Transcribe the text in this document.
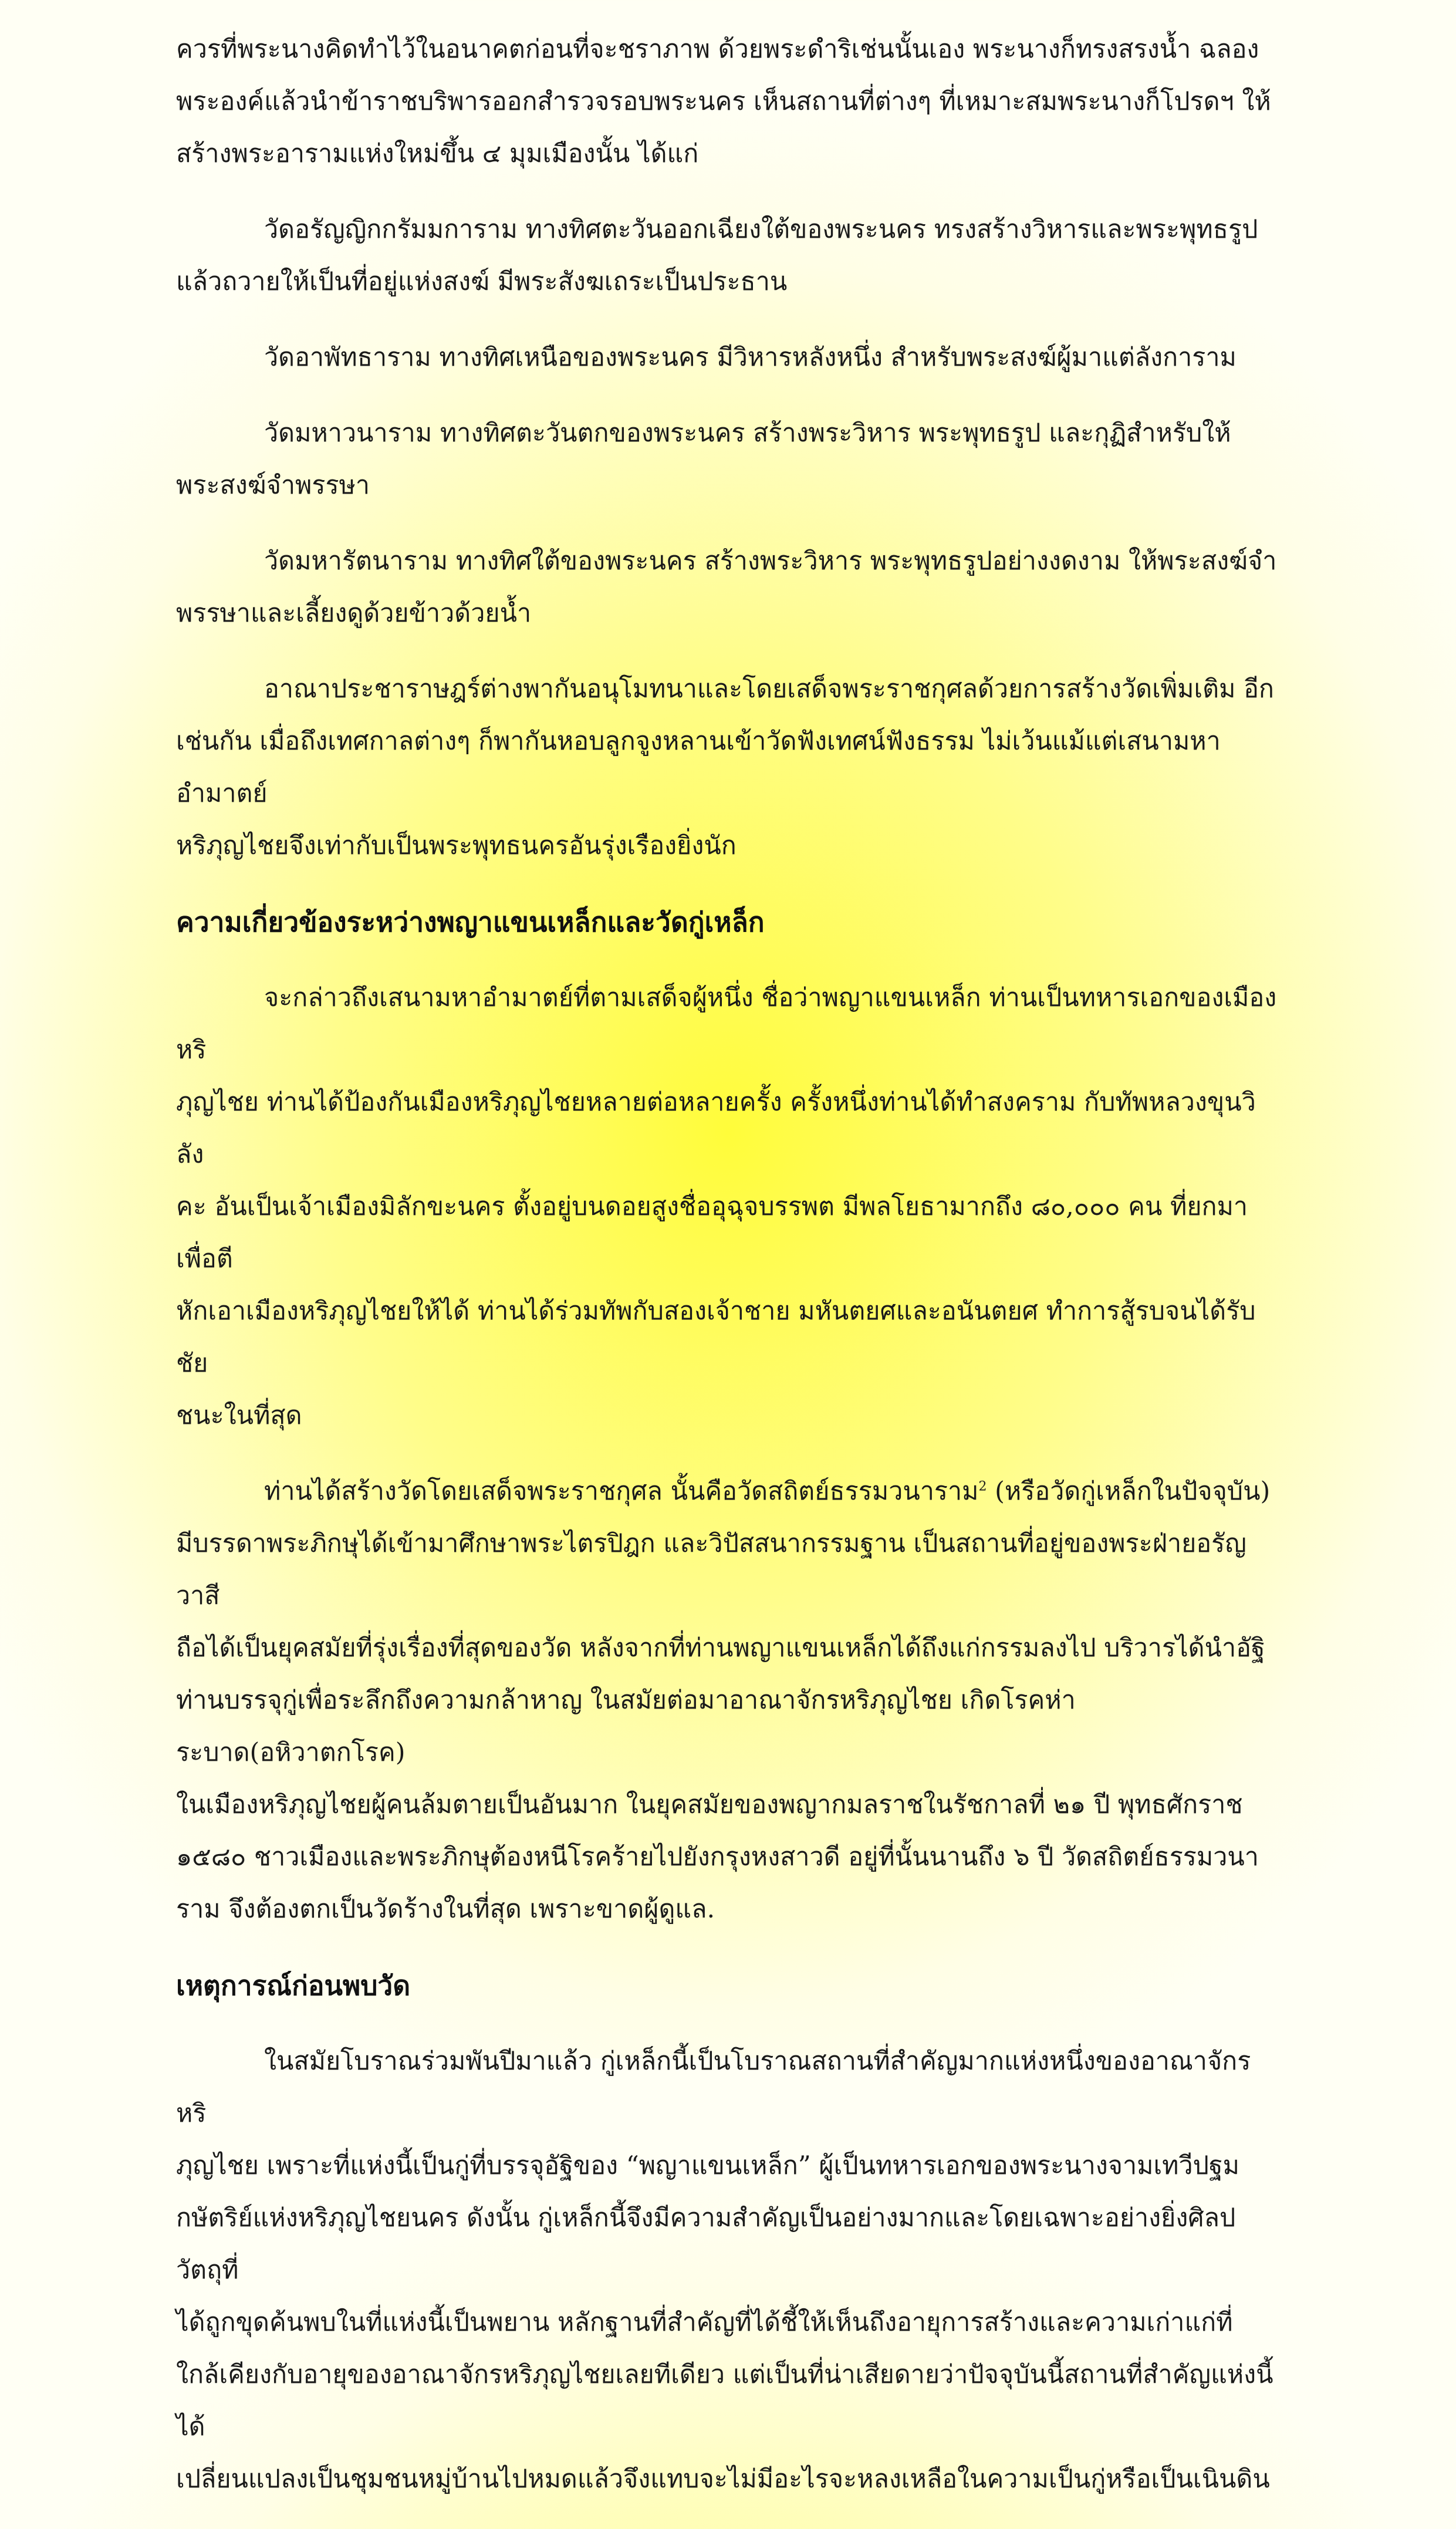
ควรที่พระนางคิดทำไว้ในอนาคตก่อนที่จะชราภาพ ด้วยพระดำริเช่นนั้นเอง พระนางก็ทรงสรงน้ำ ฉลอง
พระองค์แล้วนำข้าราชบริพารออกสำรวจรอบพระนคร เห็นสถานที่ต่างๆ ที่เหมาะสมพระนางก็โปรดฯ ให้
สร้างพระอารามแห่งใหม่ขึ้น ๔ มุมเมืองนั้น ได้แก่

วัดอรัญญิกกรัมมการาม ทางทิศตะวันออกเฉียงใต้ของพระนคร ทรงสร้างวิหารและพระพุทธรูป
แล้วถวายให้เป็นที่อยู่แห่งสงฆ์ มีพระสังฆเถระเป็นประธาน

วัดอาพัทธาราม ทางทิศเหนือของพระนคร มีวิหารหลังหนึ่ง สำหรับพระสงฆ์ผู้มาแต่ลังการาม

วัดมหาวนาราม ทางทิศตะวันตกของพระนคร สร้างพระวิหาร พระพุทธรูป และกุฏิสำหรับให้
พระสงฆ์จำพรรษา

วัดมหารัตนาราม ทางทิศใต้ของพระนคร สร้างพระวิหาร พระพุทธรูปอย่างงดงาม ให้พระสงฆ์จำ
พรรษาและเลี้ยงดูด้วยข้าวด้วยน้ำ

อาณาประชาราษฎร์ต่างพากันอนุโมทนาและโดยเสด็จพระราชกุศลด้วยการสร้างวัดเพิ่มเติม อีก
เช่นกัน เมื่อถึงเทศกาลต่างๆ ก็พากันหอบลูกจูงหลานเข้าวัดฟังเทศน์ฟังธรรม ไม่เว้นแม้แต่เสนามหาอำมาตย์
หริภุญไชยจึงเท่ากับเป็นพระพุทธนครอันรุ่งเรืองยิ่งนัก

ความเกี่ยวข้องระหว่างพญาแขนเหล็กและวัดกู่เหล็ก

จะกล่าวถึงเสนามหาอำมาตย์ที่ตามเสด็จผู้หนึ่ง ชื่อว่าพญาแขนเหล็ก ท่านเป็นทหารเอกของเมืองหริ
ภุญไชย ท่านได้ป้องกันเมืองหริภุญไชยหลายต่อหลายครั้ง ครั้งหนึ่งท่านได้ทำสงคราม กับทัพหลวงขุนวิลัง
คะ อันเป็นเจ้าเมืองมิลักขะนคร ตั้งอยู่บนดอยสูงชื่ออุฉุจบรรพต มีพลโยธามากถึง ๘๐,๐๐๐ คน ที่ยกมาเพื่อตี
หักเอาเมืองหริภุญไชยให้ได้ ท่านได้ร่วมทัพกับสองเจ้าชาย มหันตยศและอนันตยศ ทำการสู้รบจนได้รับชัย
ชนะในที่สุด

ท่านได้สร้างวัดโดยเสด็จพระราชกุศล นั้นคือวัดสถิตย์ธรรมวนาราม$^2$ (หรือวัดกู่เหล็กในปัจจุบัน)
มีบรรดาพระภิกษุได้เข้ามาศึกษาพระไตรปิฎก และวิปัสสนากรรมฐาน เป็นสถานที่อยู่ของพระฝ่ายอรัญวาสี
ถือได้เป็นยุคสมัยที่รุ่งเรื่องที่สุดของวัด หลังจากที่ท่านพญาแขนเหล็กได้ถึงแก่กรรมลงไป บริวารได้นำอัฐิ
ท่านบรรจุกู่เพื่อระลึกถึงความกล้าหาญ ในสมัยต่อมาอาณาจักรหริภุญไชย เกิดโรคห่าระบาด(อหิวาตกโรค)
ในเมืองหริภุญไชยผู้คนล้มตายเป็นอันมาก ในยุคสมัยของพญากมลราชในรัชกาลที่ ๒๑ ปี พุทธศักราช
๑๕๘๐ ชาวเมืองและพระภิกษุต้องหนีโรคร้ายไปยังกรุงหงสาวดี อยู่ที่นั้นนานถึง ๖ ปี วัดสถิตย์ธรรมวนา
ราม จึงต้องตกเป็นวัดร้างในที่สุด เพราะขาดผู้ดูแล.

เหตุการณ์ก่อนพบวัด

ในสมัยโบราณร่วมพันปีมาแล้ว กู่เหล็กนี้เป็นโบราณสถานที่สำคัญมากแห่งหนึ่งของอาณาจักรหริ
ภุญไชย เพราะที่แห่งนี้เป็นกู่ที่บรรจุอัฐิของ “พญาแขนเหล็ก” ผู้เป็นทหารเอกของพระนางจามเทวีปฐม
กษัตริย์แห่งหริภุญไชยนคร ดังนั้น กู่เหล็กนี้จึงมีความสำคัญเป็นอย่างมากและโดยเฉพาะอย่างยิ่งศิลปวัตถุที่
ได้ถูกขุดค้นพบในที่แห่งนี้เป็นพยาน หลักฐานที่สำคัญที่ได้ชี้ให้เห็นถึงอายุการสร้างและความเก่าแก่ที่
ใกล้เคียงกับอายุของอาณาจักรหริภุญไชยเลยทีเดียว แต่เป็นที่น่าเสียดายว่าปัจจุบันนี้สถานที่สำคัญแห่งนี้ได้
เปลี่ยนแปลงเป็นชุมชนหมู่บ้านไปหมดแล้วจึงแทบจะไม่มีอะไรจะหลงเหลือในความเป็นกู่หรือเป็นเนินดิน
